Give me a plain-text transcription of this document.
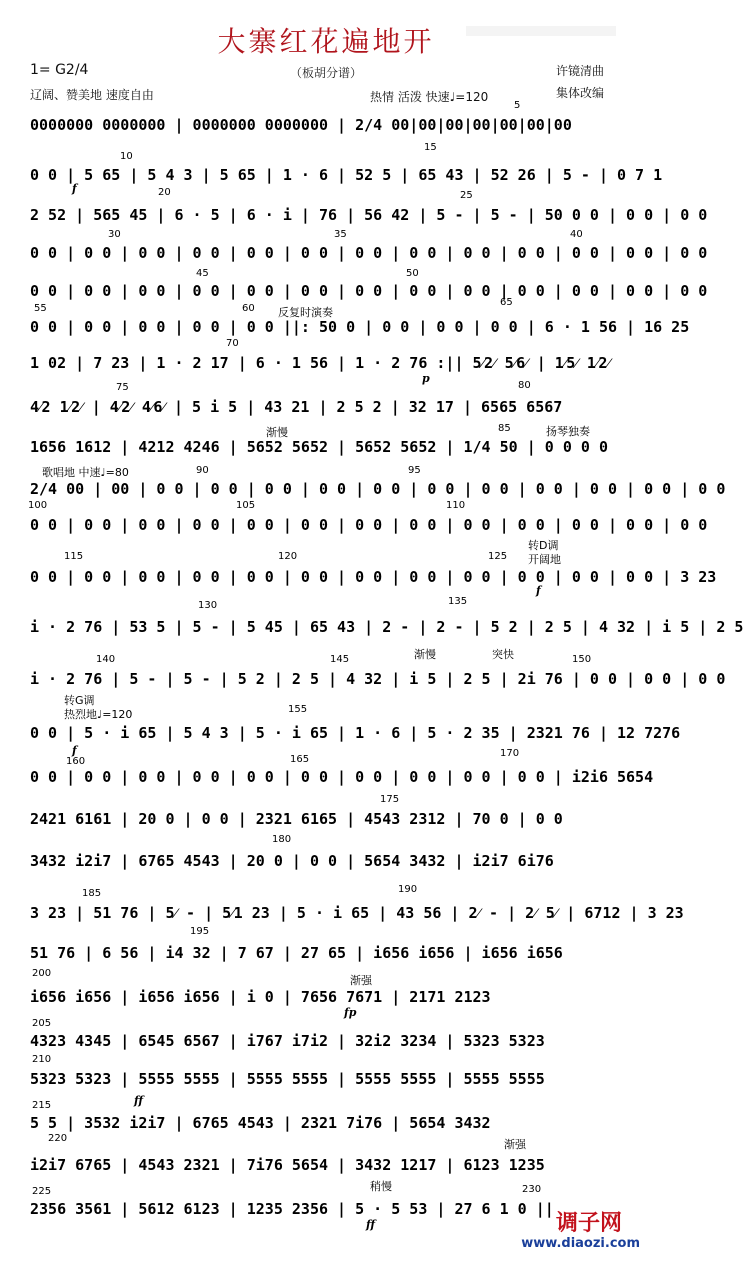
大寨红花遍地开
（板胡分谱）
1= G2/4	许镜清曲
辽阔、赞美地 速度自由	热情 活泼 快速♩=120	集体改编
反复时演奏
渐慢	扬琴独奏
歌唱地 中速♩=80
转D调
开阔地
渐慢	突快
转G调
热烈地♩=120
渐强
渐强
稍慢
f
p
f
f
fp
ff
ff
5
10
15
20	25
30	35	40
45	50
55	60
65
70
75	80
85
90	95
100	105	110
115	120	125
130	135
140	145	150
155
160	165
170
175
180
185	190
195
200
205
210
215
220
225	230
0000000 0000000 | 0000000 0000000 | 2/4 00|00|00|00|00|00|00
0 0 | 5 65 | 5 4 3 | 5 65 | 1 · 6 | 52 5 | 65 43 | 52 26 | 5 - | 0 7 1
2 52 | 565 45 | 6 · 5 | 6 · i | 76 | 56 42 | 5 - | 5 - | 50 0 0 | 0 0 | 0 0
0 0 | 0 0 | 0 0 | 0 0 | 0 0 | 0 0 | 0 0 | 0 0 | 0 0 | 0 0 | 0 0 | 0 0 | 0 0
0 0 | 0 0 | 0 0 | 0 0 | 0 0 | 0 0 | 0 0 | 0 0 | 0 0 | 0 0 | 0 0 | 0 0 | 0 0
0 0 | 0 0 | 0 0 | 0 0 | 0 0 ||: 50 0 | 0 0 | 0 0 | 0 0 | 6 · 1 56 | 16 25
1 02 | 7 23 | 1 · 2 17 | 6 · 1 56 | 1 · 2 76 :|| 5⁄2⁄ 5⁄6⁄ | 1⁄5⁄ 1⁄2⁄
4⁄2 1⁄2⁄ | 4⁄2⁄ 4⁄6⁄ | 5 i 5 | 43 21 | 2 5 2 | 32 17 | 6565 6567
1656 1612 | 4212 4246 | 5652 5652 | 5652 5652 | 1/4 50 | 0 0 0 0
2/4 00 | 00 | 0 0 | 0 0 | 0 0 | 0 0 | 0 0 | 0 0 | 0 0 | 0 0 | 0 0 | 0 0 | 0 0
0 0 | 0 0 | 0 0 | 0 0 | 0 0 | 0 0 | 0 0 | 0 0 | 0 0 | 0 0 | 0 0 | 0 0 | 0 0
0 0 | 0 0 | 0 0 | 0 0 | 0 0 | 0 0 | 0 0 | 0 0 | 0 0 | 0 0 | 0 0 | 0 0 | 3 23
i · 2 76 | 53 5 | 5 - | 5 45 | 65 43 | 2 - | 2 - | 5 2 | 2 5 | 4 32 | i 5 | 2 5
i · 2 76 | 5 - | 5 - | 5 2 | 2 5 | 4 32 | i 5 | 2 5 | 2i 76 | 0 0 | 0 0 | 0 0
0 0 | 5 · i 65 | 5 4 3 | 5 · i 65 | 1 · 6 | 5 · 2 35 | 2321 76 | 12 7276
0 0 | 0 0 | 0 0 | 0 0 | 0 0 | 0 0 | 0 0 | 0 0 | 0 0 | 0 0 | i2i6 5654
2421 6161 | 20 0 | 0 0 | 2321 6165 | 4543 2312 | 70 0 | 0 0
3432 i2i7 | 6765 4543 | 20 0 | 0 0 | 5654 3432 | i2i7 6i76
3 23 | 51 76 | 5⁄ - | 5⁄1 23 | 5 · i 65 | 43 56 | 2⁄ - | 2⁄ 5⁄ | 6712 | 3 23
51 76 | 6 56 | i4 32 | 7 67 | 27 65 | i656 i656 | i656 i656
i656 i656 | i656 i656 | i 0 | 7656 7671 | 2171 2123
4323 4345 | 6545 6567 | i767 i7i2 | 32i2 3234 | 5323 5323
5323 5323 | 5555 5555 | 5555 5555 | 5555 5555 | 5555 5555
5 5 | 3532 i2i7 | 6765 4543 | 2321 7i76 | 5654 3432
i2i7 6765 | 4543 2321 | 7i76 5654 | 3432 1217 | 6123 1235
2356 3561 | 5612 6123 | 1235 2356 | 5 · 5 53 | 27 6 1 0 ||
调子网
www.diaozi.com
